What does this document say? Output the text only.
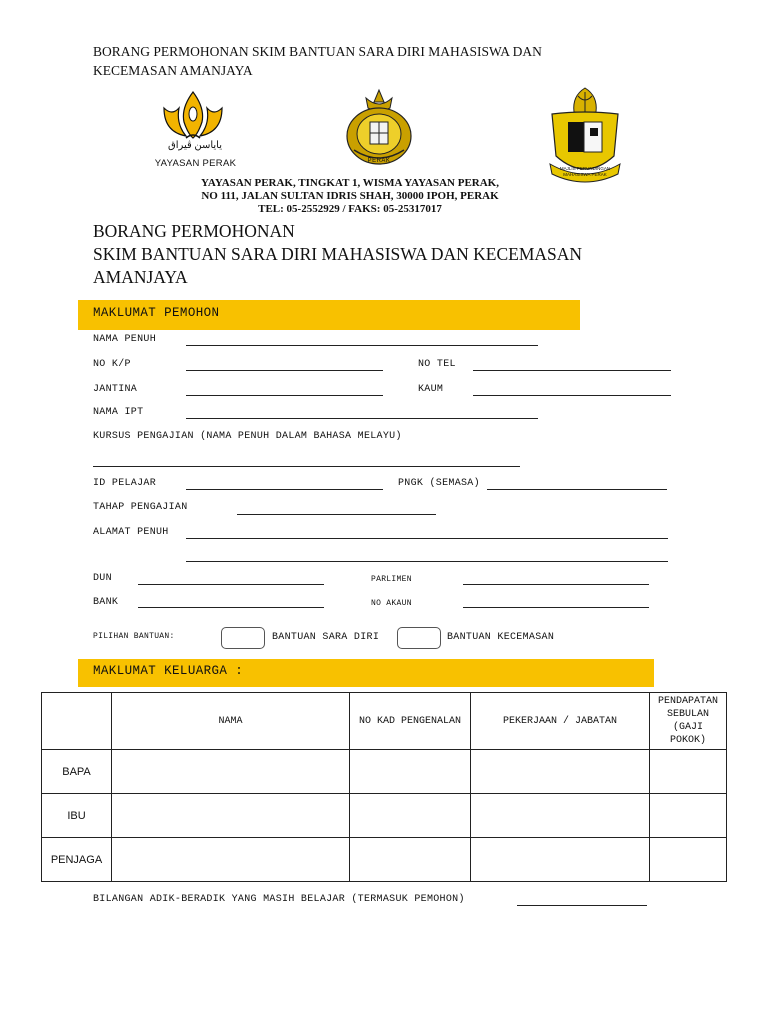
BORANG PERMOHONAN SKIM BANTUAN SARA DIRI MAHASISWA DAN
KECEMASAN AMANJAYA
ياياسن ڤيراق
YAYASAN PERAK	PERAK
MAJLIS PERUNDINGAN MAHASISWA PERAK
YAYASAN PERAK, TINGKAT 1, WISMA YAYASAN PERAK,
NO 111, JALAN SULTAN IDRIS SHAH, 30000 IPOH, PERAK
TEL: 05-2552929 / FAKS: 05-25317017
BORANG PERMOHONAN
SKIM BANTUAN SARA DIRI MAHASISWA DAN KECEMASAN
AMANJAYA
MAKLUMAT PEMOHON
NAMA PENUH
NO K/P	NO TEL
JANTINA	KAUM
NAMA IPT
KURSUS PENGAJIAN (NAMA PENUH DALAM BAHASA MELAYU)
ID PELAJAR	PNGK (SEMASA)
TAHAP PENGAJIAN
ALAMAT PENUH
DUN	PARLIMEN
BANK	NO AKAUN
PILIHAN BANTUAN:	BANTUAN SARA DIRI	BANTUAN KECEMASAN
MAKLUMAT KELUARGA :
	NAMA	NO KAD PENGENALAN	PEKERJAAN / JABATAN	PENDAPATAN SEBULAN (GAJI POKOK)
BAPA				
IBU				
PENJAGA				
BILANGAN ADIK-BERADIK YANG MASIH BELAJAR (TERMASUK PEMOHON)
